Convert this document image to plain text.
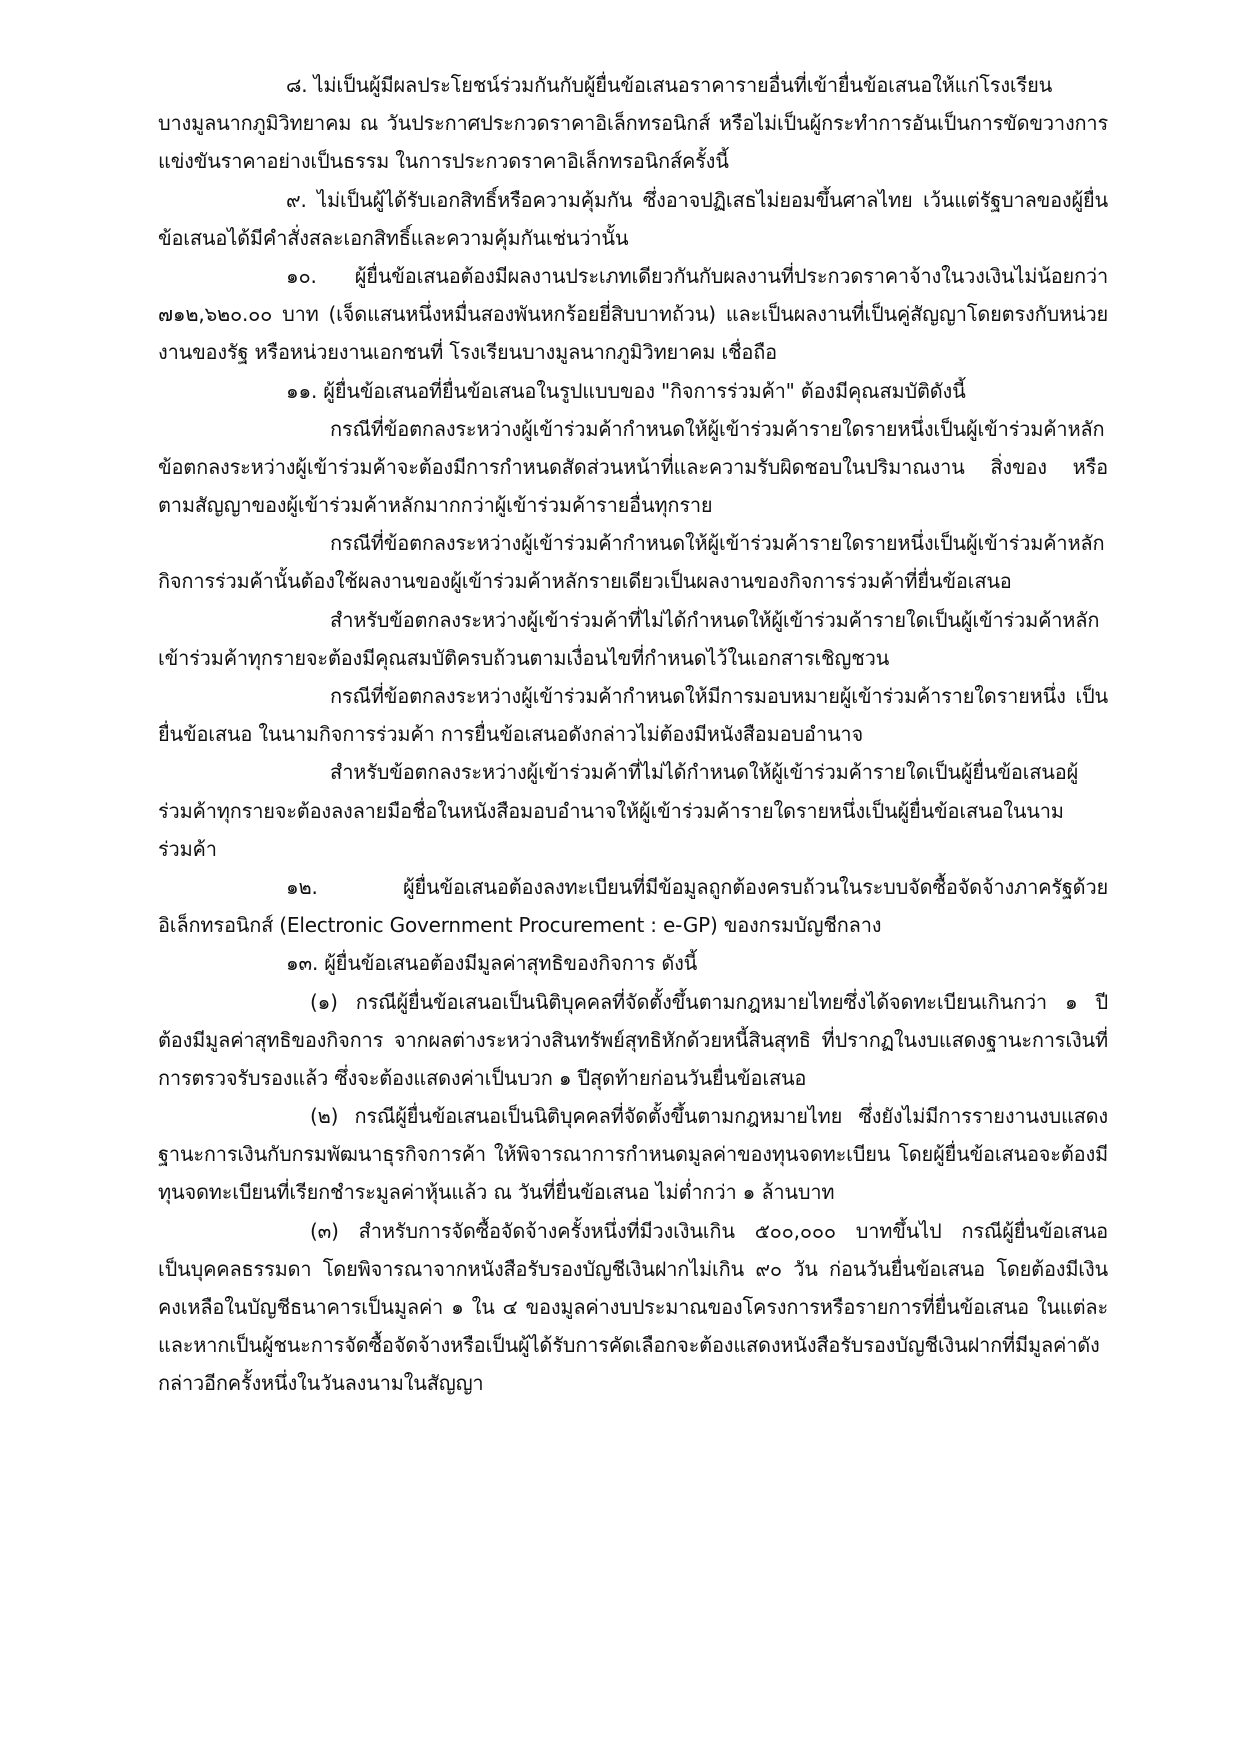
๘. ไม่เป็นผู้มีผลประโยชน์ร่วมกันกับผู้ยื่นข้อเสนอราคารายอื่นที่เข้ายื่นข้อเสนอให้แก่โรงเรียน
บางมูลนากภูมิวิทยาคม ณ วันประกาศประกวดราคาอิเล็กทรอนิกส์ หรือไม่เป็นผู้กระทำการอันเป็นการขัดขวางการ
แข่งขันราคาอย่างเป็นธรรม ในการประกวดราคาอิเล็กทรอนิกส์ครั้งนี้
๙. ไม่เป็นผู้ได้รับเอกสิทธิ์หรือความคุ้มกัน ซึ่งอาจปฏิเสธไม่ยอมขึ้นศาลไทย เว้นแต่รัฐบาลของผู้ยื่น
ข้อเสนอได้มีคำสั่งสละเอกสิทธิ์และความคุ้มกันเช่นว่านั้น
๑๐. ผู้ยื่นข้อเสนอต้องมีผลงานประเภทเดียวกันกับผลงานที่ประกวดราคาจ้างในวงเงินไม่น้อยกว่า
๗๑๒,๖๒๐.๐๐ บาท (เจ็ดแสนหนึ่งหมื่นสองพันหกร้อยยี่สิบบาทถ้วน) และเป็นผลงานที่เป็นคู่สัญญาโดยตรงกับหน่วย
งานของรัฐ หรือหน่วยงานเอกชนที่ โรงเรียนบางมูลนากภูมิวิทยาคม เชื่อถือ
๑๑. ผู้ยื่นข้อเสนอที่ยื่นข้อเสนอในรูปแบบของ "กิจการร่วมค้า" ต้องมีคุณสมบัติดังนี้
กรณีที่ข้อตกลงระหว่างผู้เข้าร่วมค้ากำหนดให้ผู้เข้าร่วมค้ารายใดรายหนึ่งเป็นผู้เข้าร่วมค้าหลัก
ข้อตกลงระหว่างผู้เข้าร่วมค้าจะต้องมีการกำหนดสัดส่วนหน้าที่และความรับผิดชอบในปริมาณงาน สิ่งของ หรือ
ตามสัญญาของผู้เข้าร่วมค้าหลักมากกว่าผู้เข้าร่วมค้ารายอื่นทุกราย
กรณีที่ข้อตกลงระหว่างผู้เข้าร่วมค้ากำหนดให้ผู้เข้าร่วมค้ารายใดรายหนึ่งเป็นผู้เข้าร่วมค้าหลัก
กิจการร่วมค้านั้นต้องใช้ผลงานของผู้เข้าร่วมค้าหลักรายเดียวเป็นผลงานของกิจการร่วมค้าที่ยื่นข้อเสนอ
สำหรับข้อตกลงระหว่างผู้เข้าร่วมค้าที่ไม่ได้กำหนดให้ผู้เข้าร่วมค้ารายใดเป็นผู้เข้าร่วมค้าหลัก
เข้าร่วมค้าทุกรายจะต้องมีคุณสมบัติครบถ้วนตามเงื่อนไขที่กำหนดไว้ในเอกสารเชิญชวน
กรณีที่ข้อตกลงระหว่างผู้เข้าร่วมค้ากำหนดให้มีการมอบหมายผู้เข้าร่วมค้ารายใดรายหนึ่ง เป็น
ยื่นข้อเสนอ ในนามกิจการร่วมค้า การยื่นข้อเสนอดังกล่าวไม่ต้องมีหนังสือมอบอำนาจ
สำหรับข้อตกลงระหว่างผู้เข้าร่วมค้าที่ไม่ได้กำหนดให้ผู้เข้าร่วมค้ารายใดเป็นผู้ยื่นข้อเสนอผู้
ร่วมค้าทุกรายจะต้องลงลายมือชื่อในหนังสือมอบอำนาจให้ผู้เข้าร่วมค้ารายใดรายหนึ่งเป็นผู้ยื่นข้อเสนอในนาม
ร่วมค้า
๑๒. ผู้ยื่นข้อเสนอต้องลงทะเบียนที่มีข้อมูลถูกต้องครบถ้วนในระบบจัดซื้อจัดจ้างภาครัฐด้วย
อิเล็กทรอนิกส์ (Electronic Government Procurement : e-GP) ของกรมบัญชีกลาง
๑๓. ผู้ยื่นข้อเสนอต้องมีมูลค่าสุทธิของกิจการ ดังนี้
(๑) กรณีผู้ยื่นข้อเสนอเป็นนิติบุคคลที่จัดตั้งขึ้นตามกฎหมายไทยซึ่งได้จดทะเบียนเกินกว่า ๑ ปี
ต้องมีมูลค่าสุทธิของกิจการ จากผลต่างระหว่างสินทรัพย์สุทธิหักด้วยหนี้สินสุทธิ ที่ปรากฏในงบแสดงฐานะการเงินที่
การตรวจรับรองแล้ว ซึ่งจะต้องแสดงค่าเป็นบวก ๑ ปีสุดท้ายก่อนวันยื่นข้อเสนอ
(๒) กรณีผู้ยื่นข้อเสนอเป็นนิติบุคคลที่จัดตั้งขึ้นตามกฎหมายไทย ซึ่งยังไม่มีการรายงานงบแสดง
ฐานะการเงินกับกรมพัฒนาธุรกิจการค้า ให้พิจารณาการกำหนดมูลค่าของทุนจดทะเบียน โดยผู้ยื่นข้อเสนอจะต้องมี
ทุนจดทะเบียนที่เรียกชำระมูลค่าหุ้นแล้ว ณ วันที่ยื่นข้อเสนอ ไม่ต่ำกว่า ๑ ล้านบาท
(๓) สำหรับการจัดซื้อจัดจ้างครั้งหนึ่งที่มีวงเงินเกิน ๕๐๐,๐๐๐ บาทขึ้นไป กรณีผู้ยื่นข้อเสนอ
เป็นบุคคลธรรมดา โดยพิจารณาจากหนังสือรับรองบัญชีเงินฝากไม่เกิน ๙๐ วัน ก่อนวันยื่นข้อเสนอ โดยต้องมีเงิน
คงเหลือในบัญชีธนาคารเป็นมูลค่า ๑ ใน ๔ ของมูลค่างบประมาณของโครงการหรือรายการที่ยื่นข้อเสนอ ในแต่ละ
และหากเป็นผู้ชนะการจัดซื้อจัดจ้างหรือเป็นผู้ได้รับการคัดเลือกจะต้องแสดงหนังสือรับรองบัญชีเงินฝากที่มีมูลค่าดัง
กล่าวอีกครั้งหนึ่งในวันลงนามในสัญญา
